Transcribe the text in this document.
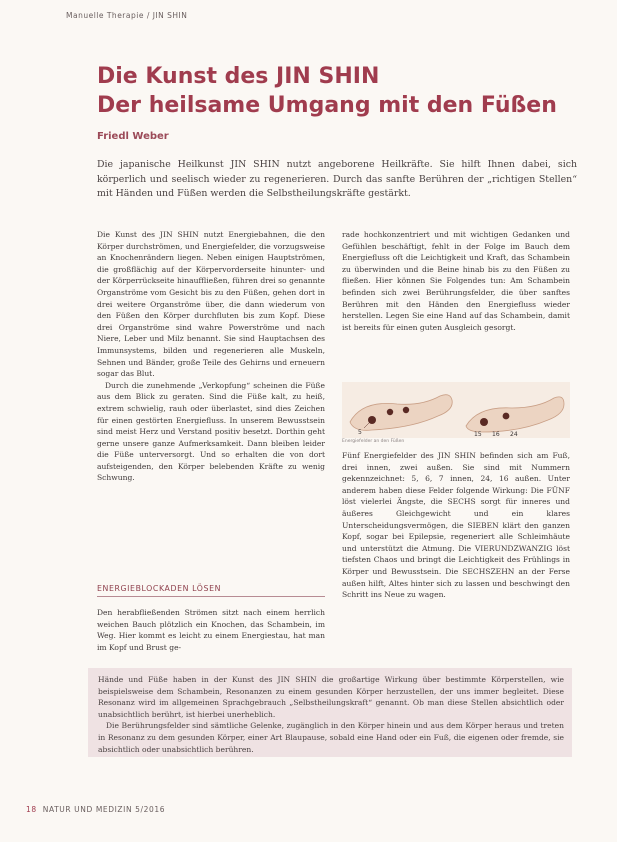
Manuelle Therapie / JIN SHIN
Die Kunst des JIN SHIN
Der heilsame Umgang mit den Füßen
Friedl Weber

Die japanische Heilkunst JIN SHIN nutzt angeborene Heilkräfte. Sie hilft Ihnen dabei, sich körperlich und seelisch wieder zu regenerieren. Durch das sanfte Berühren der „richtigen Stellen“ mit Händen und Füßen werden die Selbstheilungskräfte gestärkt.

Die Kunst des JIN SHIN nutzt Energiebahnen, die den Körper durchströmen, und Energiefelder, die vorzugsweise an Knochenrändern liegen. Neben einigen Hauptströmen, die großflächig auf der Körpervorderseite hinunter- und der Körperrückseite hinauffließen, führen drei so genannte Organströme vom Gesicht bis zu den Füßen, gehen dort in drei weitere Organströme über, die dann wiederum von den Füßen den Körper durchfluten bis zum Kopf. Diese drei Organströme sind wahre Powerströme und nach Niere, Leber und Milz benannt. Sie sind Hauptachsen des Immunsystems, bilden und regenerieren alle Muskeln, Sehnen und Bänder, große Teile des Gehirns und erneuern sogar das Blut.

Durch die zunehmende „Verkopfung“ scheinen die Füße aus dem Blick zu geraten. Sind die Füße kalt, zu heiß, extrem schwielig, rauh oder überlastet, sind dies Zeichen für einen gestörten Energiefluss. In unserem Bewusstsein sind meist Herz und Verstand positiv besetzt. Dorthin geht gerne unsere ganze Aufmerksamkeit. Dann bleiben leider die Füße unterversorgt. Und so erhalten die von dort aufsteigenden, den Körper belebenden Kräfte zu wenig Schwung.

ENERGIEBLOCKADEN LÖSEN

Den herabfließenden Strömen sitzt nach einem herrlich weichen Bauch plötzlich ein Knochen, das Schambein, im Weg. Hier kommt es leicht zu einem Energiestau, hat man im Kopf und Brust ge-

rade hochkonzentriert und mit wichtigen Gedanken und Gefühlen beschäftigt, fehlt in der Folge im Bauch dem Energiefluss oft die Leichtigkeit und Kraft, das Schambein zu überwinden und die Beine hinab bis zu den Füßen zu fließen. Hier können Sie Folgendes tun: Am Schambein befinden sich zwei Berührungsfelder, die über sanftes Berühren mit den Händen den Energiefluss wieder herstellen. Legen Sie eine Hand auf das Schambein, damit ist bereits für einen guten Ausgleich gesorgt.

5	15 16 24
Energiefelder an den Füßen

Fünf Energiefelder des JIN SHIN befinden sich am Fuß, drei innen, zwei außen. Sie sind mit Nummern gekennzeichnet: 5, 6, 7 innen, 24, 16 außen. Unter anderem haben diese Felder folgende Wirkung: Die FÜNF löst vielerlei Ängste, die SECHS sorgt für inneres und äußeres Gleichgewicht und ein klares Unterscheidungsvermögen, die SIEBEN klärt den ganzen Kopf, sogar bei Epilepsie, regeneriert alle Schleimhäute und unterstützt die Atmung. Die VIERUNDZWANZIG löst tiefsten Chaos und bringt die Leichtigkeit des Frühlings in Körper und Bewusstsein. Die SECHSZEHN an der Ferse außen hilft, Altes hinter sich zu lassen und beschwingt den Schritt ins Neue zu wagen.

Hände und Füße haben in der Kunst des JIN SHIN die großartige Wirkung über bestimmte Körperstellen, wie beispielsweise dem Schambein, Resonanzen zu einem gesunden Körper herzustellen, der uns immer begleitet. Diese Resonanz wird im allgemeinen Sprachgebrauch „Selbstheilungskraft“ genannt. Ob man diese Stellen absichtlich oder unabsichtlich berührt, ist hierbei unerheblich.

Die Berührungsfelder sind sämtliche Gelenke, zugänglich in den Körper hinein und aus dem Körper heraus und treten in Resonanz zu dem gesunden Körper, einer Art Blaupause, sobald eine Hand oder ein Fuß, die eigenen oder fremde, sie absichtlich oder unabsichtlich berühren.

18 NATUR UND MEDIZIN 5/2016
